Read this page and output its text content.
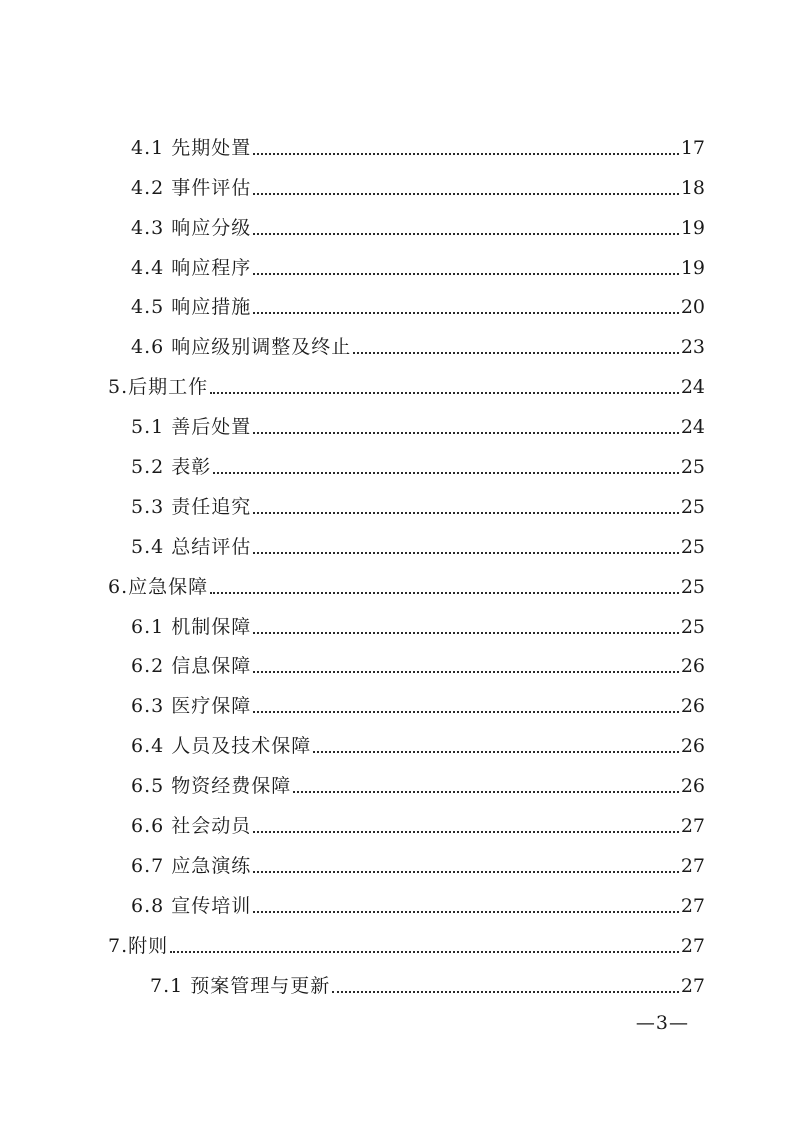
4.1 先期处置	17
4.2 事件评估	18
4.3 响应分级	19
4.4 响应程序	19
4.5 响应措施	20
4.6 响应级别调整及终止	23
5.后期工作	24
5.1 善后处置	24
5.2 表彰	25
5.3 责任追究	25
5.4 总结评估	25
6.应急保障	25
6.1 机制保障	25
6.2 信息保障	26
6.3 医疗保障	26
6.4 人员及技术保障	26
6.5 物资经费保障	26
6.6 社会动员	27
6.7 应急演练	27
6.8 宣传培训	27
7.附则	27
7.1 预案管理与更新	27
—3—
